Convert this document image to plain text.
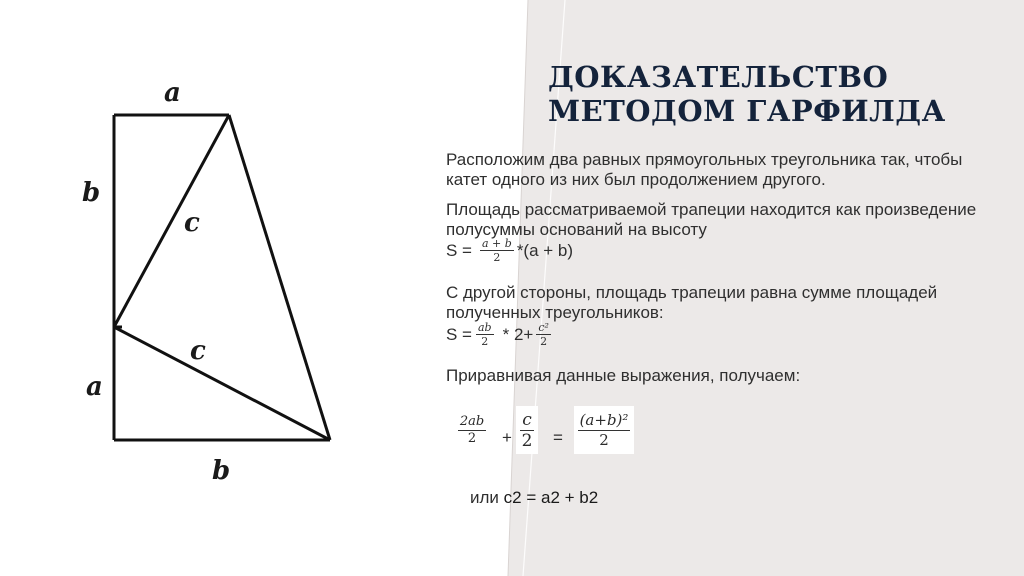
a
b
c
c
a
b
ДОКАЗАТЕЛЬСТВО
МЕТОДОМ ГАРФИЛДА
Расположим два равных прямоугольных треугольника так, чтобы катет одного из них был продолжением другого.
Площадь рассматриваемой трапеции находится как произведение полусуммы оснований на высоту
$S = \frac{a + b}{2} *(a + b)$
С другой стороны, площадь трапеции равна сумме площадей полученных треугольников:
$S = \frac{ab}{2} * 2+ \frac{\text{c²}}{2}$
Приравнивая данные выражения, получаем:
$\frac{2ab}{2} + \frac{c}{2} = \frac{\text{(a+b)²}}{2}$
или c2 = a2 + b2
